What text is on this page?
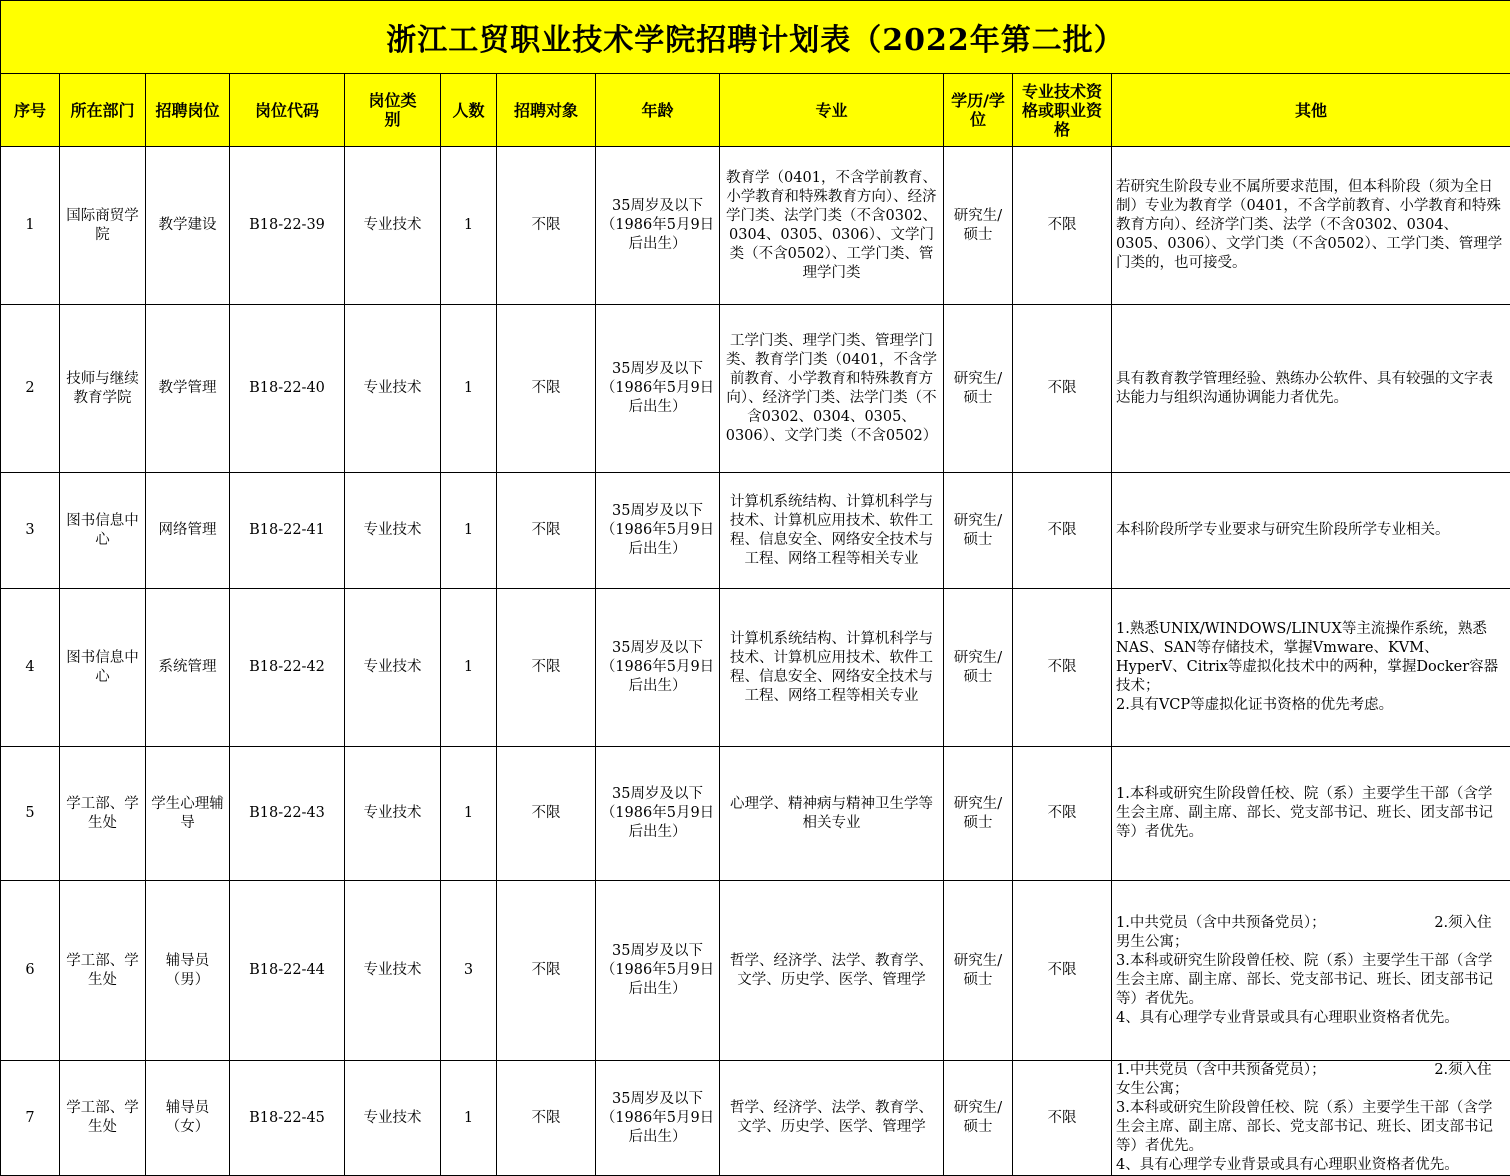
浙江工贸职业技术学院招聘计划表（2022年第二批）											
序号	所在部门	招聘岗位	岗位代码	岗位类别	人数	招聘对象	年龄	专业	学历/学位	专业技术资格或职业资格	其他
1	国际商贸学院	教学建设	B18-22-39	专业技术	1	不限	35周岁及以下（1986年5月9日后出生）	教育学（0401，不含学前教育、小学教育和特殊教育方向）、经济学门类、法学门类（不含0302、0304、0305、0306）、文学门类（不含0502）、工学门类、管理学门类	研究生/硕士	不限	若研究生阶段专业不属所要求范围，但本科阶段（须为全日制）专业为教育学（0401，不含学前教育、小学教育和特殊教育方向）、经济学门类、法学（不含0302、0304、0305、0306）、文学门类（不含0502）、工学门类、管理学门类的，也可接受。

2	技师与继续教育学院	教学管理	B18-22-40	专业技术	1	不限	35周岁及以下（1986年5月9日后出生）	工学门类、理学门类、管理学门类、教育学门类（0401，不含学前教育、小学教育和特殊教育方向）、经济学门类、法学门类（不含0302、0304、0305、0306）、文学门类（不含0502）	研究生/硕士	不限	具有教育教学管理经验、熟练办公软件、具有较强的文字表达能力与组织沟通协调能力者优先。

3	图书信息中心	网络管理	B18-22-41	专业技术	1	不限	35周岁及以下（1986年5月9日后出生）	计算机系统结构、计算机科学与技术、计算机应用技术、软件工程、信息安全、网络安全技术与工程、网络工程等相关专业	研究生/硕士	不限	本科阶段所学专业要求与研究生阶段所学专业相关。

4	图书信息中心	系统管理	B18-22-42	专业技术	1	不限	35周岁及以下（1986年5月9日后出生）	计算机系统结构、计算机科学与技术、计算机应用技术、软件工程、信息安全、网络安全技术与工程、网络工程等相关专业	研究生/硕士	不限	1.熟悉UNIX/WINDOWS/LINUX等主流操作系统，熟悉NAS、SAN等存储技术，掌握Vmware、KVM、HyperV、Citrix等虚拟化技术中的两种，掌握Docker容器技术；
2.具有VCP等虚拟化证书资格的优先考虑。

5	学工部、学生处	学生心理辅导	B18-22-43	专业技术	1	不限	35周岁及以下（1986年5月9日后出生）	心理学、精神病与精神卫生学等相关专业	研究生/硕士	不限	1.本科或研究生阶段曾任校、院（系）主要学生干部（含学生会主席、副主席、部长、党支部书记、班长、团支部书记等）者优先。

6	学工部、学生处	辅导员（男）	B18-22-44	专业技术	3	不限	35周岁及以下（1986年5月9日后出生）	哲学、经济学、法学、教育学、文学、历史学、医学、管理学	研究生/硕士	不限	1.中共党员（含中共预备党员）；　　　　　　　　2.须入住男生公寓；
3.本科或研究生阶段曾任校、院（系）主要学生干部（含学生会主席、副主席、部长、党支部书记、班长、团支部书记等）者优先。
4、具有心理学专业背景或具有心理职业资格者优先。

7	学工部、学生处	辅导员（女）	B18-22-45	专业技术	1	不限	35周岁及以下（1986年5月9日后出生）	哲学、经济学、法学、教育学、文学、历史学、医学、管理学	研究生/硕士	不限	1.中共党员（含中共预备党员）；　　　　　　　　2.须入住女生公寓；
3.本科或研究生阶段曾任校、院（系）主要学生干部（含学生会主席、副主席、部长、党支部书记、班长、团支部书记等）者优先。
4、具有心理学专业背景或具有心理职业资格者优先。
